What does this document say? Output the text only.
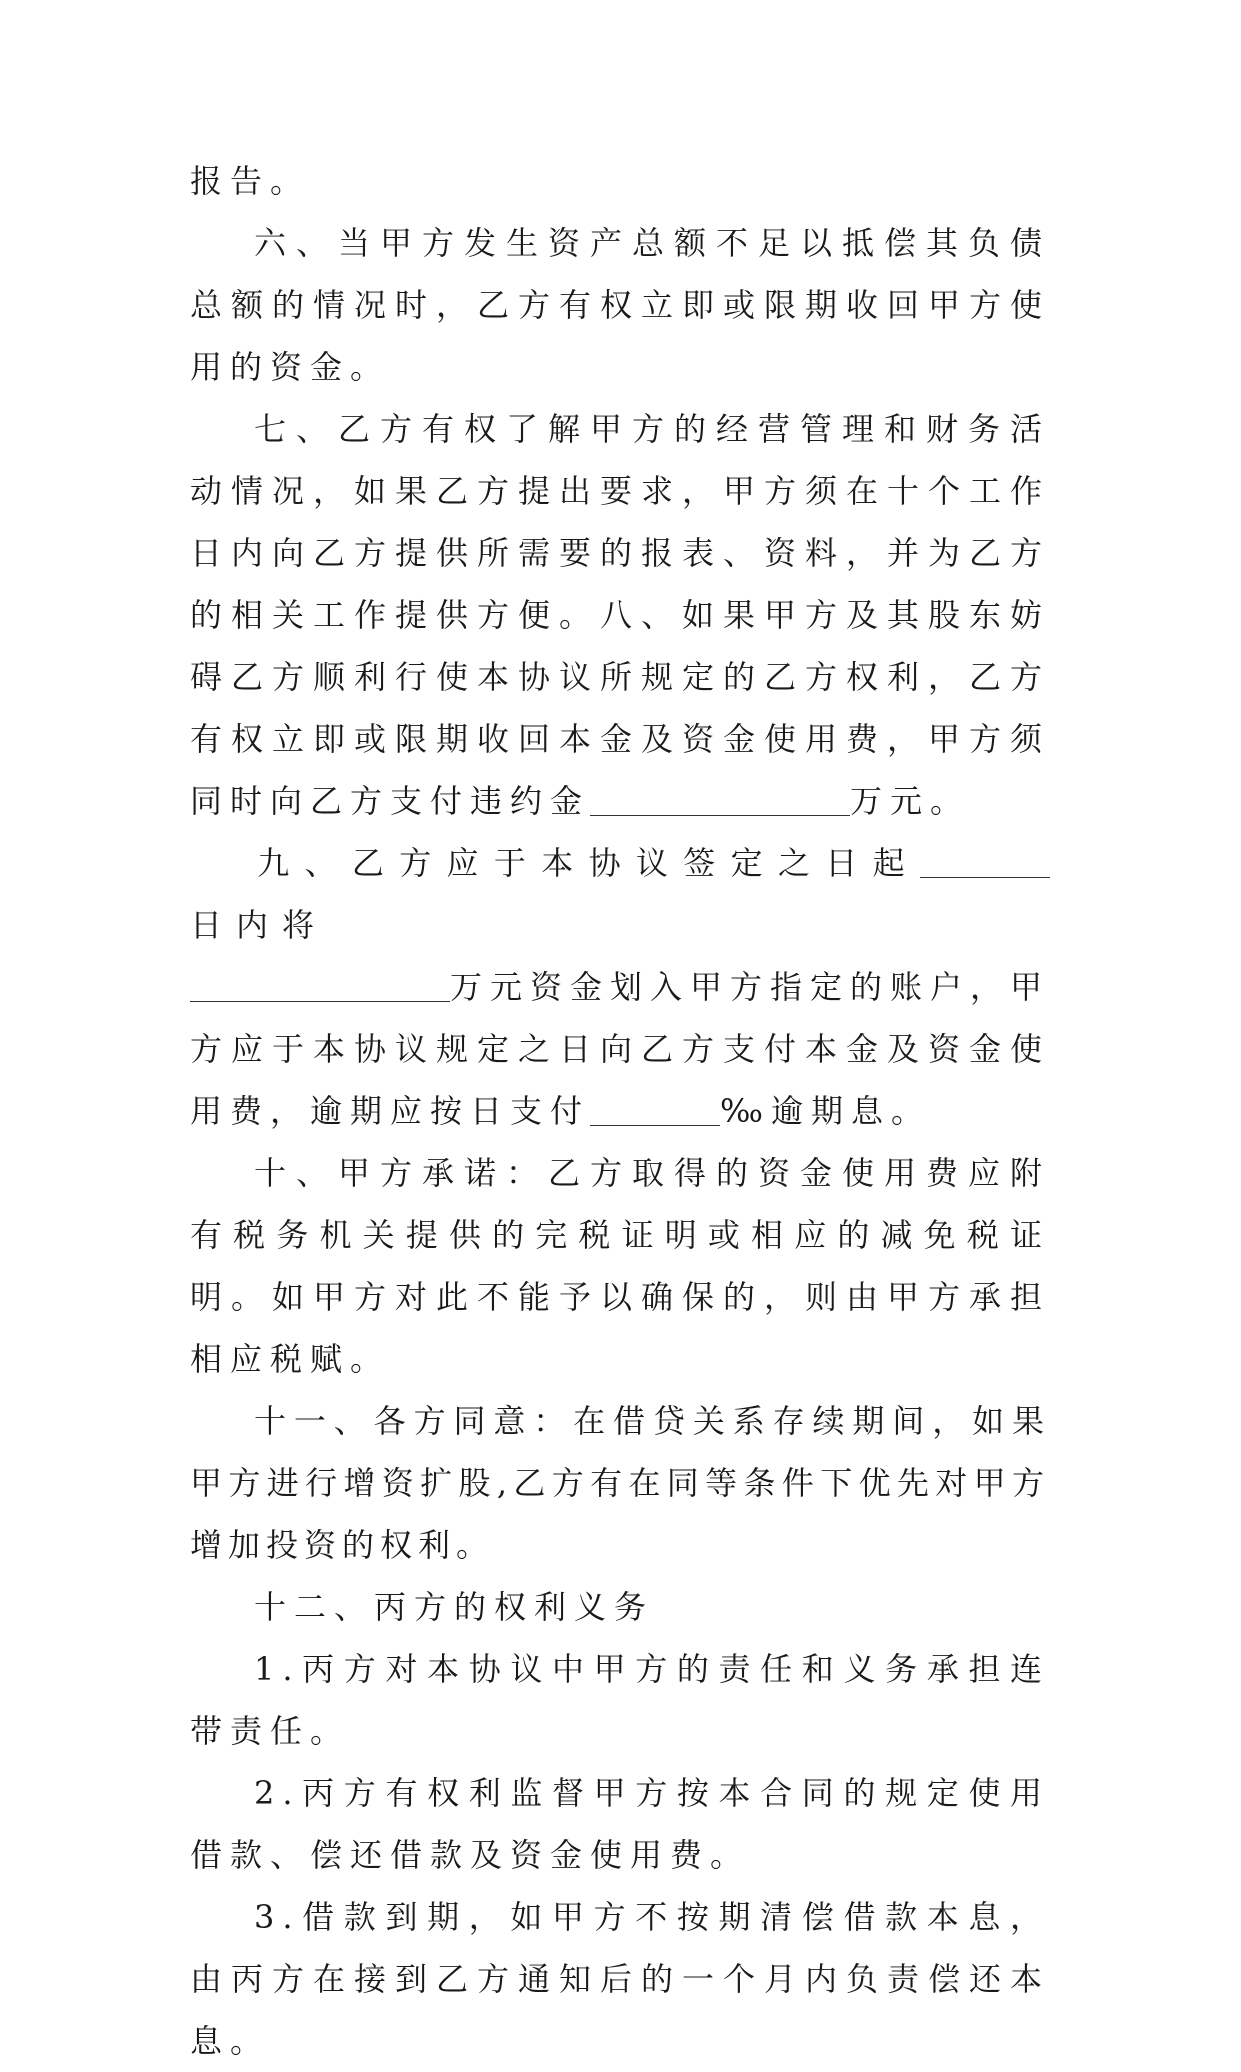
报告。

六、当甲方发生资产总额不足以抵偿其负债总额的情况时，乙方有权立即或限期收回甲方使用的资金。

七、乙方有权了解甲方的经营管理和财务活动情况，如果乙方提出要求，甲方须在十个工作日内向乙方提供所需要的报表、资料，并为乙方的相关工作提供方便。八、如果甲方及其股东妨碍乙方顺利行使本协议所规定的乙方权利，乙方有权立即或限期收回本金及资金使用费，甲方须同时向乙方支付违约金	万元。

九、乙方应于本协议签定之日起日内将

万元资金划入甲方指定的账户，甲方应于本协议规定之日向乙方支付本金及资金使用费，逾期应按日支付	‰逾期息。

十、甲方承诺：乙方取得的资金使用费应附有税务机关提供的完税证明或相应的减免税证明。如甲方对此不能予以确保的，则由甲方承担相应税赋。

十一、各方同意：在借贷关系存续期间，如果甲方进行增资扩股,乙方有在同等条件下优先对甲方增加投资的权利。

十二、丙方的权利义务

1.丙方对本协议中甲方的责任和义务承担连带责任。

2.丙方有权利监督甲方按本合同的规定使用借款、偿还借款及资金使用费。

3.借款到期，如甲方不按期清偿借款本息，由丙方在接到乙方通知后的一个月内负责偿还本息。
